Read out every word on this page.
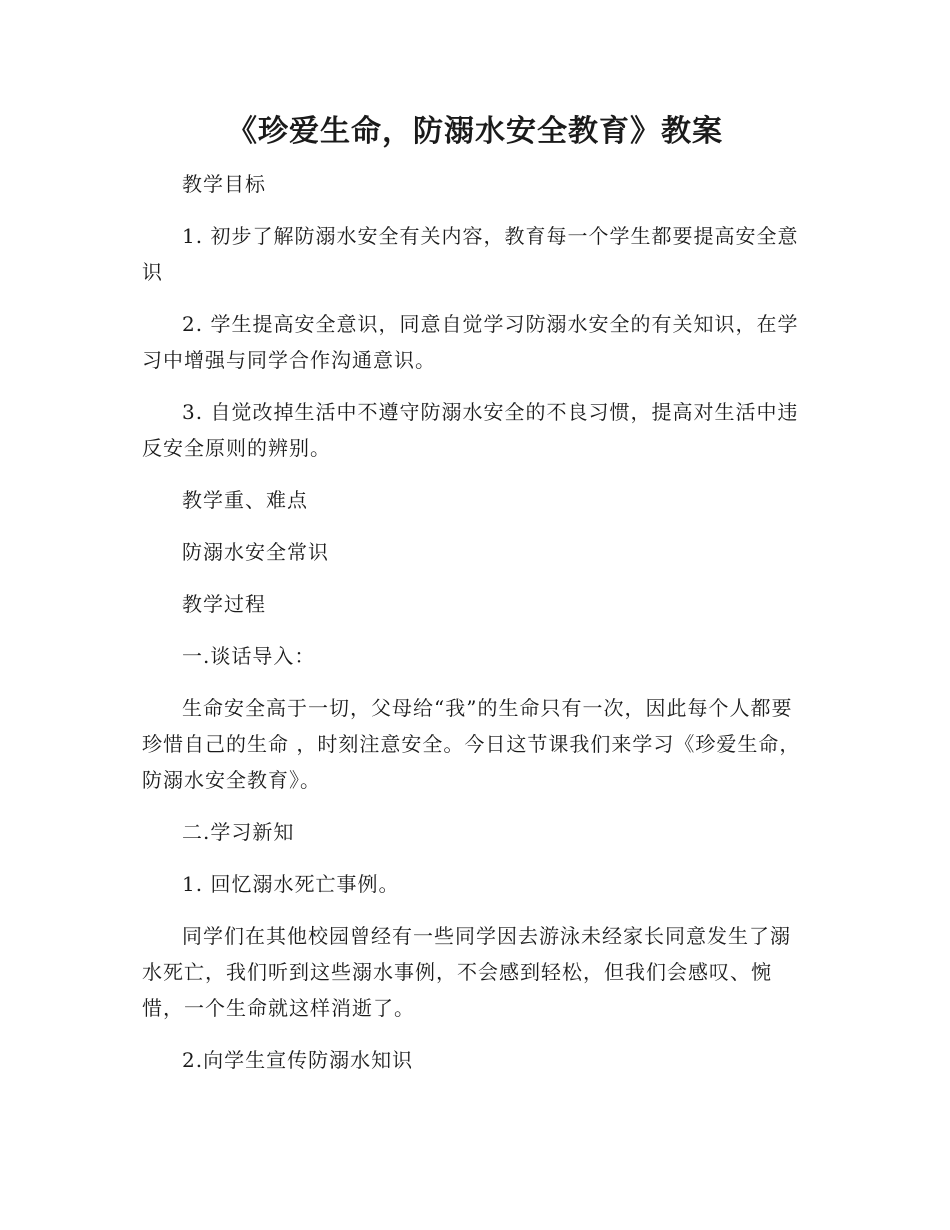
《珍爱生命，防溺水安全教育》教案

教学目标

1. 初步了解防溺水安全有关内容，教育每一个学生都要提高安全意识

2. 学生提高安全意识，同意自觉学习防溺水安全的有关知识，在学习中增强与同学合作沟通意识。

3. 自觉改掉生活中不遵守防溺水安全的不良习惯，提高对生活中违反安全原则的辨别。

教学重、难点

防溺水安全常识

教学过程

一.谈话导入：

生命安全高于一切，父母给“我”的生命只有一次，因此每个人都要珍惜自己的生命 ，时刻注意安全。今日这节课我们来学习《珍爱生命，防溺水安全教育》。

二.学习新知

1. 回忆溺水死亡事例。

同学们在其他校园曾经有一些同学因去游泳未经家长同意发生了溺水死亡，我们听到这些溺水事例，不会感到轻松，但我们会感叹、惋惜，一个生命就这样消逝了。

2.向学生宣传防溺水知识
